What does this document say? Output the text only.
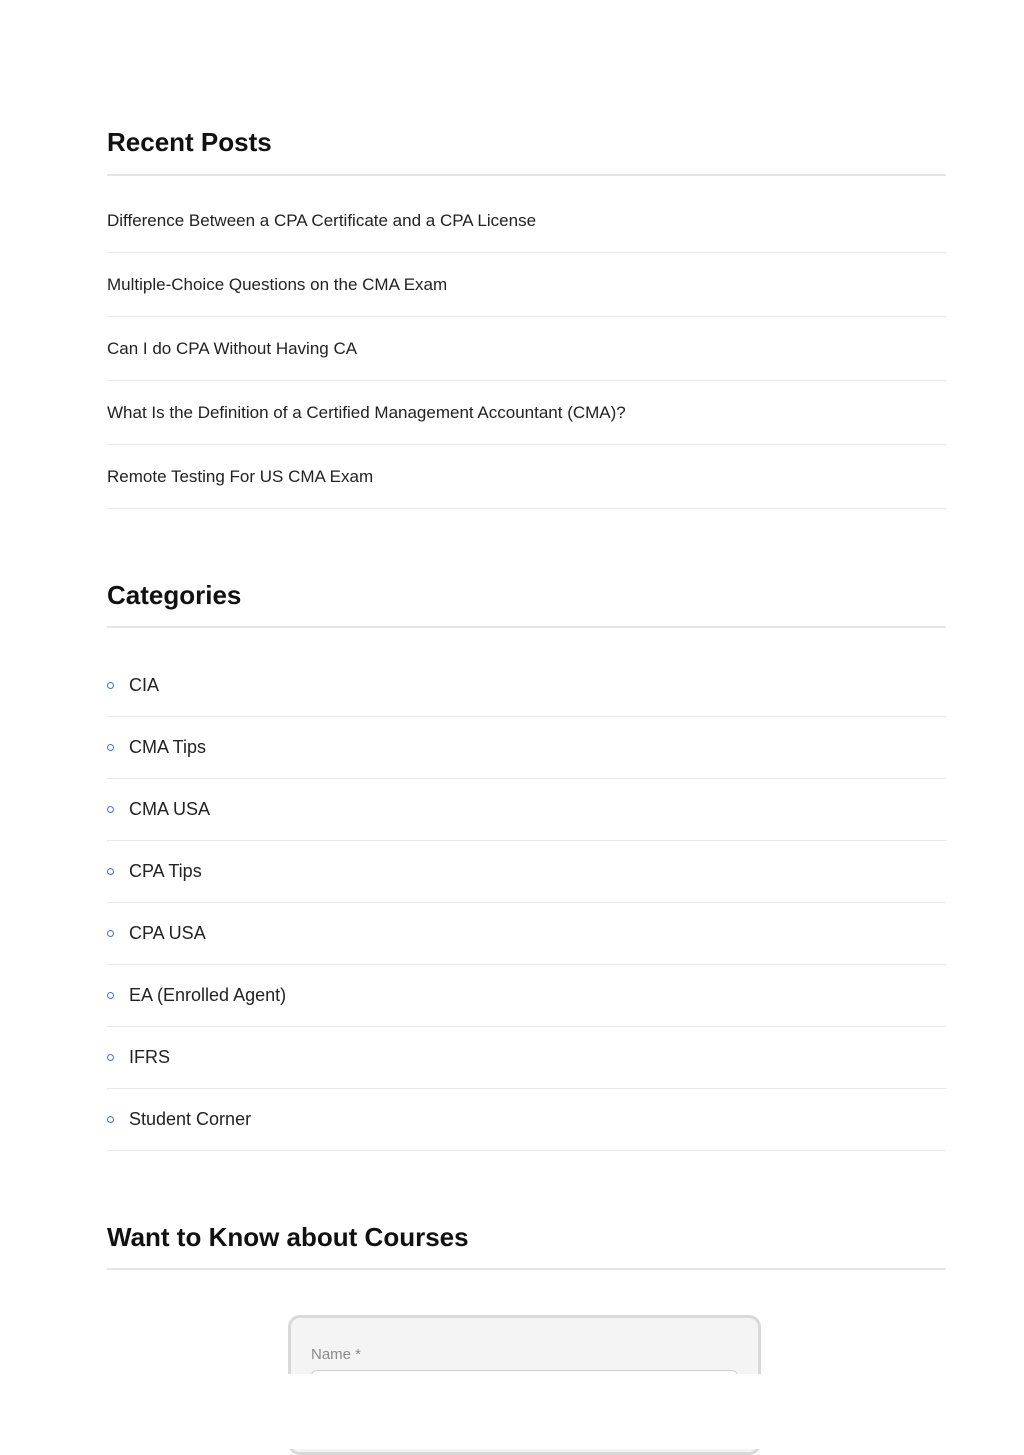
Recent Posts
Difference Between a CPA Certificate and a CPA License
Multiple-Choice Questions on the CMA Exam
Can I do CPA Without Having CA
What Is the Definition of a Certified Management Accountant (CMA)?
Remote Testing For US CMA Exam
Categories
CIA
CMA Tips
CMA USA
CPA Tips
CPA USA
EA (Enrolled Agent)
IFRS
Student Corner
Want to Know about Courses
Name *
